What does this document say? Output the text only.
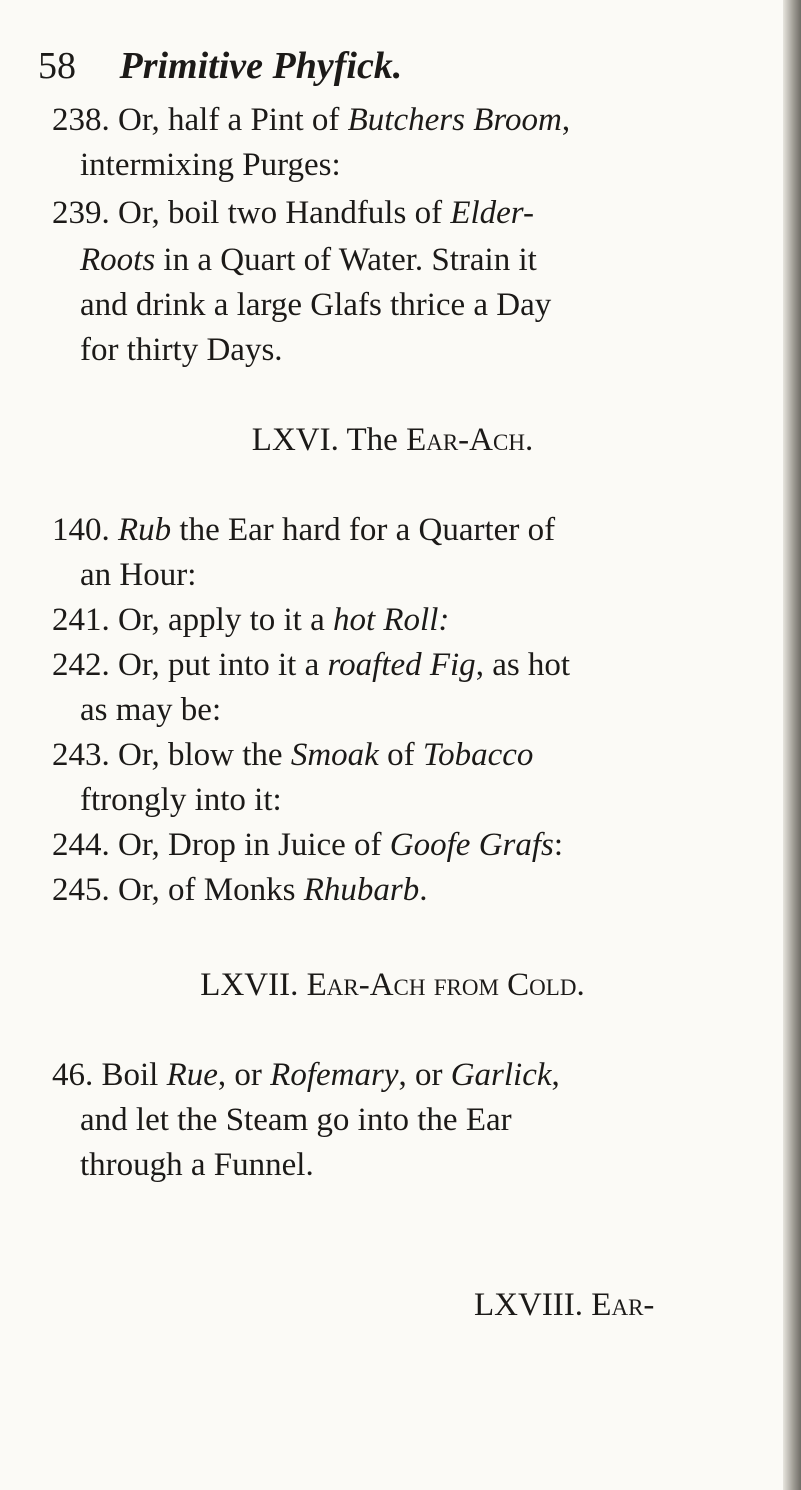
58 Primitive Phyfick.
238. Or, half a Pint of Butchers Broom,
intermixing Purges:
239. Or, boil two Handfuls of Elder-
Roots in a Quart of Water. Strain it
and drink a large Glafs thrice a Day
for thirty Days.
LXVI. The Ear-Ach.
140. Rub the Ear hard for a Quarter of
an Hour:
241. Or, apply to it a hot Roll:
242. Or, put into it a roafted Fig, as hot
as may be:
243. Or, blow the Smoak of Tobacco
ftrongly into it:
244. Or, Drop in Juice of Goofe Grafs:
245. Or, of Monks Rhubarb.
LXVII. Ear-Ach from Cold.
46. Boil Rue, or Rofemary, or Garlick,
and let the Steam go into the Ear
through a Funnel.
LXVIII. Ear-
